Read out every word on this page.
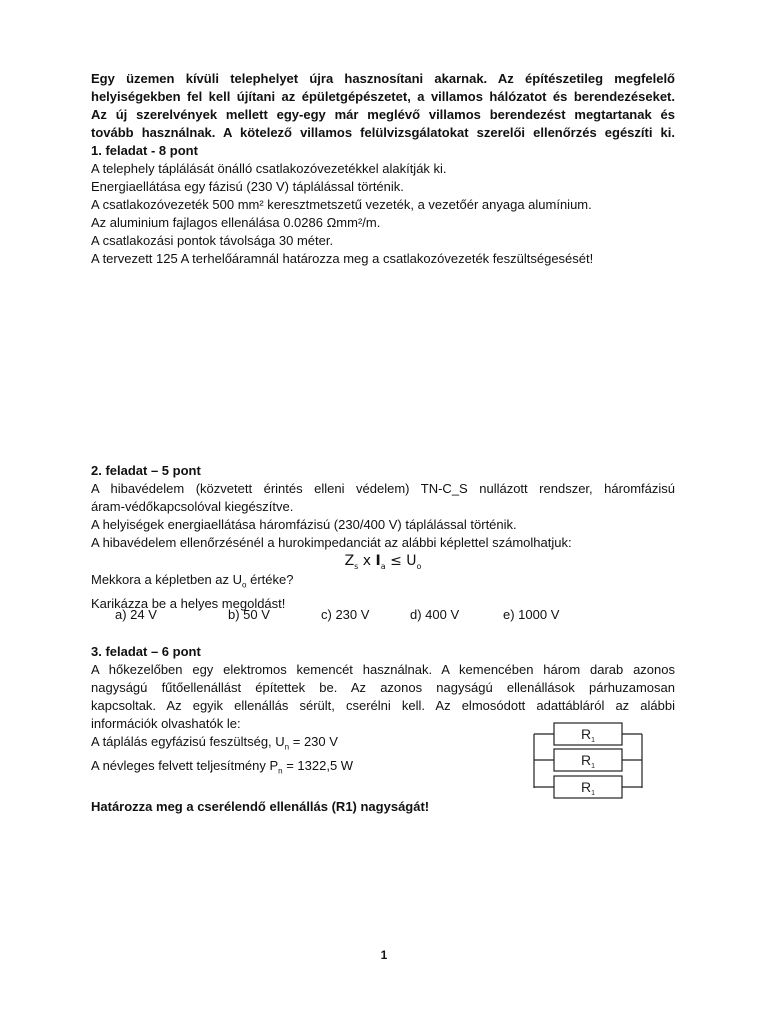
Egy üzemen kívüli telephelyet újra hasznosítani akarnak. Az építészetileg megfelelő
helyiségekben fel kell újítani az épületgépészetet, a villamos hálózatot és berendezéseket.
Az új szerelvények mellett egy-egy már meglévő villamos berendezést megtartanak és
tovább használnak. A kötelező villamos felülvizsgálatokat szerelői ellenőrzés egészíti ki.
1. feladat - 8 pont
A telephely táplálását önálló csatlakozóvezetékkel alakítják ki.
Energiaellátása egy fázisú (230 V) táplálással történik.
A csatlakozóvezeték 500 mm² keresztmetszetű vezeték, a vezetőér anyaga alumínium.
Az aluminium fajlagos ellenálása 0.0286 Ωmm²/m.
A csatlakozási pontok távolsága 30 méter.
A tervezett 125 A terhelőáramnál határozza meg a csatlakozóvezeték feszültségesését!
2. feladat – 5 pont
A hibavédelem (közvetett érintés elleni védelem) TN-C_S nullázott rendszer, háromfázisú
áram-védőkapcsolóval kiegészítve.
A helyiségek energiaellátása háromfázisú (230/400 V) táplálással történik.
A hibavédelem ellenőrzésénél a hurokimpedanciát az alábbi képlettel számolhatjuk:
$Z_s$ x $I_a \le U_o$
Mekkora a képletben az $U_o$ értéke?
Karikázza be a helyes megoldást!
a) 24 V	b) 50 V	c) 230 V	d) 400 V	e) 1000 V
3. feladat – 6 pont
A hőkezelőben egy elektromos kemencét használnak. A kemencében három darab azonos
nagyságú fűtőellenállást építettek be. Az azonos nagyságú ellenállások párhuzamosan
kapcsoltak. Az egyik ellenállás sérült, cserélni kell. Az elmosódott adattábláról az alábbi
információk olvashatók le:
A táplálás egyfázisú feszültség, $U_n = 230$ V
A névleges felvett teljesítmény $P_n = 1322,5$ W
Határozza meg a cserélendő ellenállás (R1) nagyságát!
$R_1$
$R_1$
$R_1$
1
